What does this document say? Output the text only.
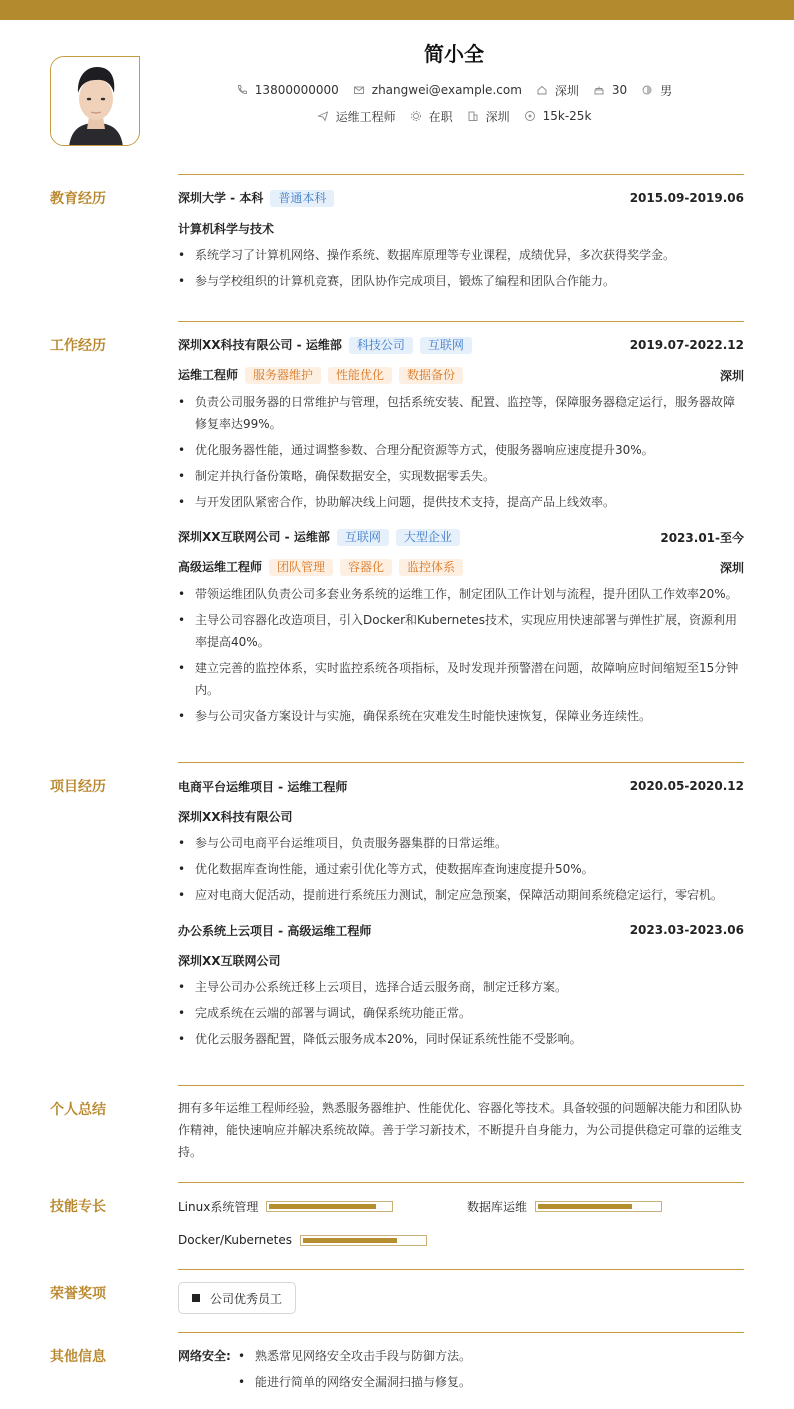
简小全
13800000000	zhangwei@example.com	深圳	30	男
运维工程师	在职	深圳	15k-25k
教育经历	深圳大学 - 本科 普通本科	2015.09-2019.06
计算机科学与技术
• 系统学习了计算机网络、操作系统、数据库原理等专业课程，成绩优异，多次获得奖学金。
• 参与学校组织的计算机竞赛，团队协作完成项目，锻炼了编程和团队合作能力。
工作经历	深圳XX科技有限公司 - 运维部 科技公司 互联网	2019.07-2022.12
运维工程师 服务器维护 性能优化 数据备份	深圳
• 负责公司服务器的日常维护与管理，包括系统安装、配置、监控等，保障服务器稳定运行，服务器故障修复率达99%。
• 优化服务器性能，通过调整参数、合理分配资源等方式，使服务器响应速度提升30%。
• 制定并执行备份策略，确保数据安全，实现数据零丢失。
• 与开发团队紧密合作，协助解决线上问题，提供技术支持，提高产品上线效率。
深圳XX互联网公司 - 运维部 互联网 大型企业	2023.01-至今
高级运维工程师 团队管理 容器化 监控体系	深圳
• 带领运维团队负责公司多套业务系统的运维工作，制定团队工作计划与流程，提升团队工作效率20%。
• 主导公司容器化改造项目，引入Docker和Kubernetes技术，实现应用快速部署与弹性扩展，资源利用率提高40%。
• 建立完善的监控体系，实时监控系统各项指标，及时发现并预警潜在问题，故障响应时间缩短至15分钟内。
• 参与公司灾备方案设计与实施，确保系统在灾难发生时能快速恢复，保障业务连续性。
项目经历	电商平台运维项目 - 运维工程师	2020.05-2020.12
深圳XX科技有限公司
• 参与公司电商平台运维项目，负责服务器集群的日常运维。
• 优化数据库查询性能，通过索引优化等方式，使数据库查询速度提升50%。
• 应对电商大促活动，提前进行系统压力测试，制定应急预案，保障活动期间系统稳定运行，零宕机。
办公系统上云项目 - 高级运维工程师	2023.03-2023.06
深圳XX互联网公司
• 主导公司办公系统迁移上云项目，选择合适云服务商，制定迁移方案。
• 完成系统在云端的部署与调试，确保系统功能正常。
• 优化云服务器配置，降低云服务成本20%，同时保证系统性能不受影响。
个人总结	拥有多年运维工程师经验，熟悉服务器维护、性能优化、容器化等技术。具备较强的问题解决能力和团队协作精神，能快速响应并解决系统故障。善于学习新技术，不断提升自身能力，为公司提供稳定可靠的运维支持。
技能专长	Linux系统管理	数据库运维
Docker/Kubernetes
荣誉奖项	公司优秀员工
其他信息	网络安全:
•	熟悉常见网络安全攻击手段与防御方法。
• 能进行简单的网络安全漏洞扫描与修复。
